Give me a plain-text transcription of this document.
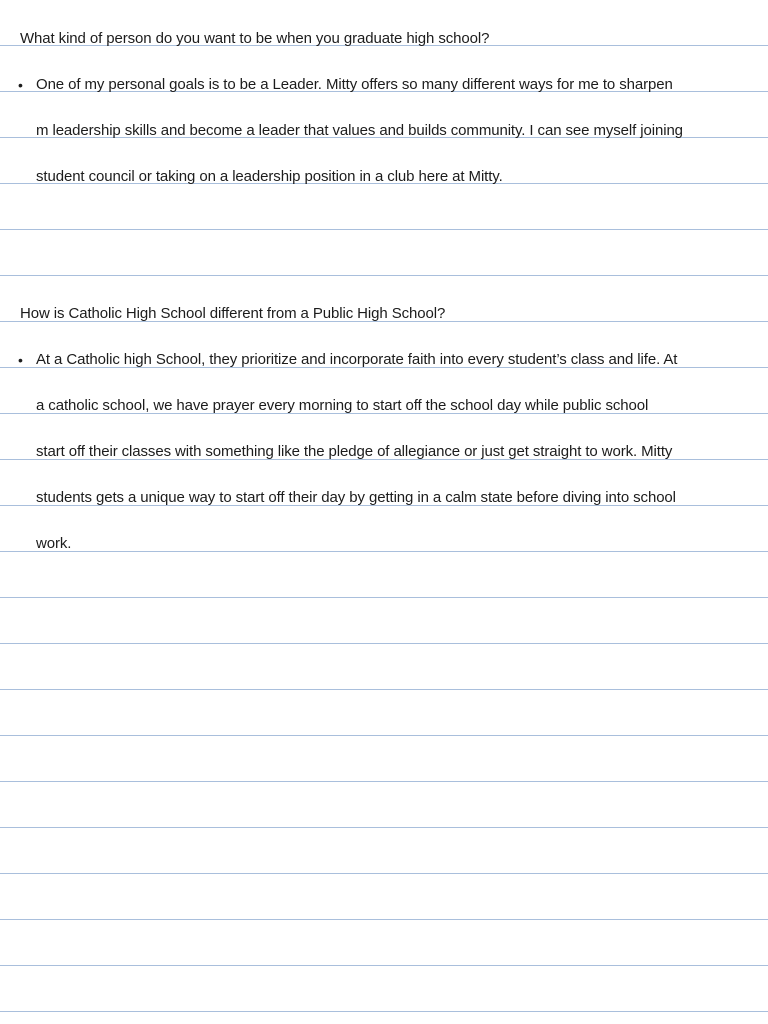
What kind of person do you want to be when you graduate high school?
• One of my personal goals is to be a Leader. Mitty offers so many different ways for me to sharpen
m leadership skills and become a leader that values and builds community. I can see myself joining
student council or taking on a leadership position in a club here at Mitty.
How is Catholic High School different from a Public High School?
• At a Catholic high School, they prioritize and incorporate faith into every student’s class and life. At
a catholic school, we have prayer every morning to start off the school day while public school
start off their classes with something like the pledge of allegiance or just get straight to work. Mitty
students gets a unique way to start off their day by getting in a calm state before diving into school
work.
